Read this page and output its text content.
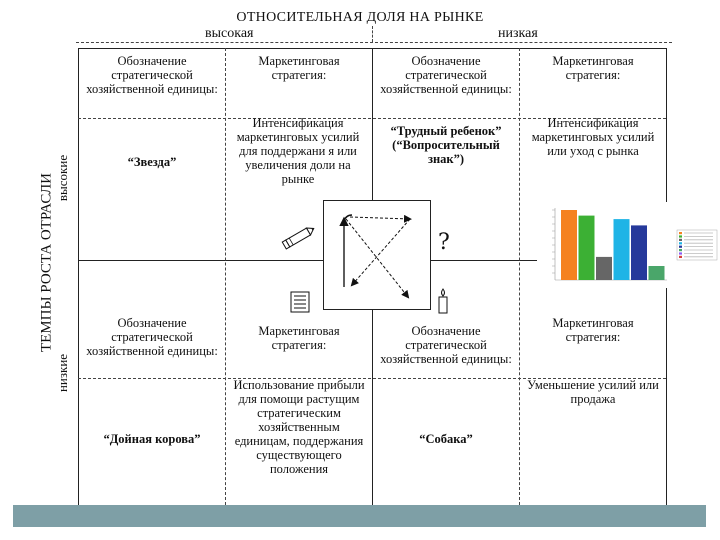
ОТНОСИТЕЛЬНАЯ ДОЛЯ НА РЫНКЕ
высокая	низкая
ТЕМПЫ РОСТА ОТРАСЛИ высокие
низкие
Обозначение стратегической хозяйственной единицы:
Маркетинговая стратегия:
Обозначение стратегической хозяйственной единицы:
Маркетинговая стратегия:
“Звезда”
Интенсификация маркетинговых усилий для поддержани я или увеличения доли на рынке
“Трудный ребенок” (“Вопросительный знак”)
Интенсификация маркетинговых усилий или уход с рынка
Обозначение стратегической хозяйственной единицы:
Маркетинговая стратегия:
Обозначение стратегической хозяйственной единицы:
Маркетинговая стратегия:
“Дойная корова”
Использование прибыли для помощи растущим стратегическим хозяйственным единицам, поддержания существующего положения
“Собака”
Уменьшение усилий или продажа
?
